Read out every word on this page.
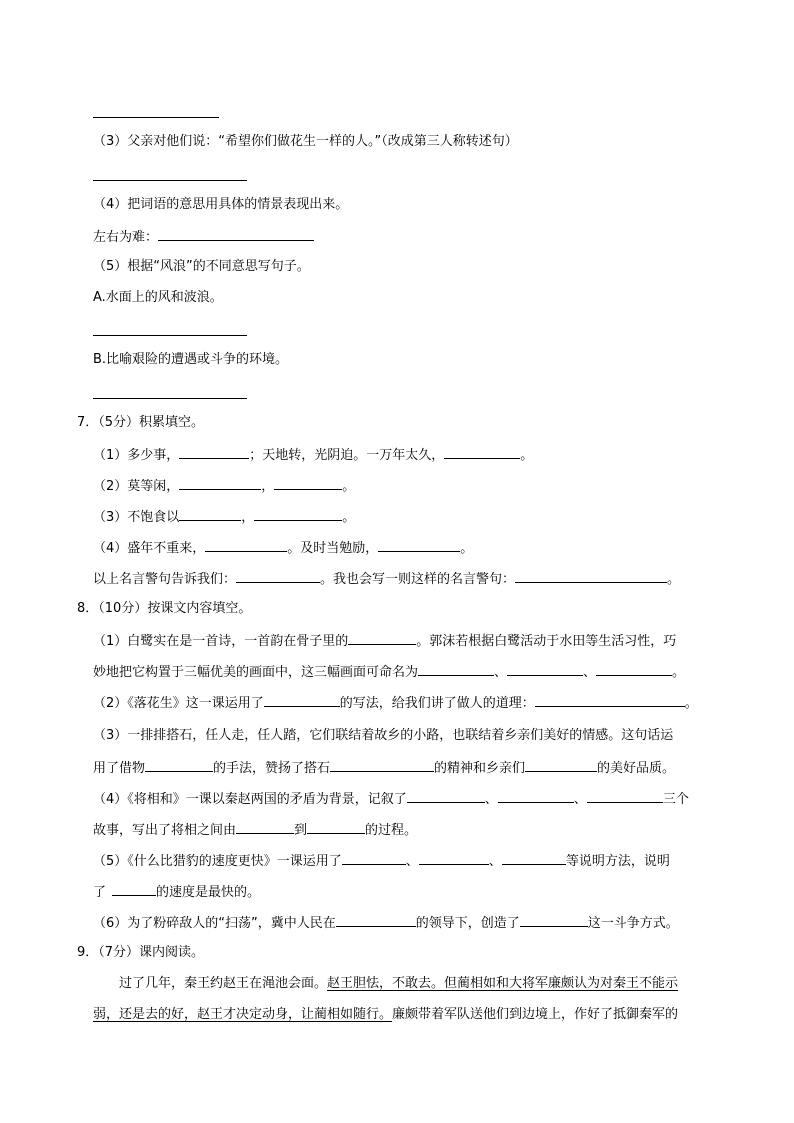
（3）父亲对他们说：“希望你们做花生一样的人。”（改成第三人称转述句）
（4）把词语的意思用具体的情景表现出来。
左右为难：
（5）根据“风浪”的不同意思写句子。
A.水面上的风和波浪。
B.比喻艰险的遭遇或斗争的环境。
7．（5分）积累填空。
（1）多少事，	；天地转，光阴迫。一万年太久，	。
（2）莫等闲，	，	。
（3）不饱食以	，	。
（4）盛年不重来，	。及时当勉励，	。
以上名言警句告诉我们：	。我也会写一则这样的名言警句：	。
8．（10分）按课文内容填空。
（1）白鹭实在是一首诗，一首韵在骨子里的	。郭沫若根据白鹭活动于水田等生活习性，巧
妙地把它构置于三幅优美的画面中，这三幅画面可命名为	、	、	。
（2）《落花生》这一课运用了	的写法，给我们讲了做人的道理：	。
（3）一排排搭石，任人走，任人踏，它们联结着故乡的小路，也联结着乡亲们美好的情感。这句话运
用了借物	的手法，赞扬了搭石	的精神和乡亲们	的美好品质。
（4）《将相和》一课以秦赵两国的矛盾为背景，记叙了	、	、	三个
故事，写出了将相之间由	到	的过程。
（5）《什么比猎豹的速度更快》一课运用了	、	、	等说明方法，说明
了	的速度是最快的。
（6）为了粉碎敌人的“扫荡”，冀中人民在	的领导下，创造了	这一斗争方式。
9．（7分）课内阅读。
过了几年，秦王约赵王在渑池会面。赵王胆怯，不敢去。但蔺相如和大将军廉颇认为对秦王不能示
弱，还是去的好，赵王才决定动身，让蔺相如随行。廉颇带着军队送他们到边境上，作好了抵御秦军的
